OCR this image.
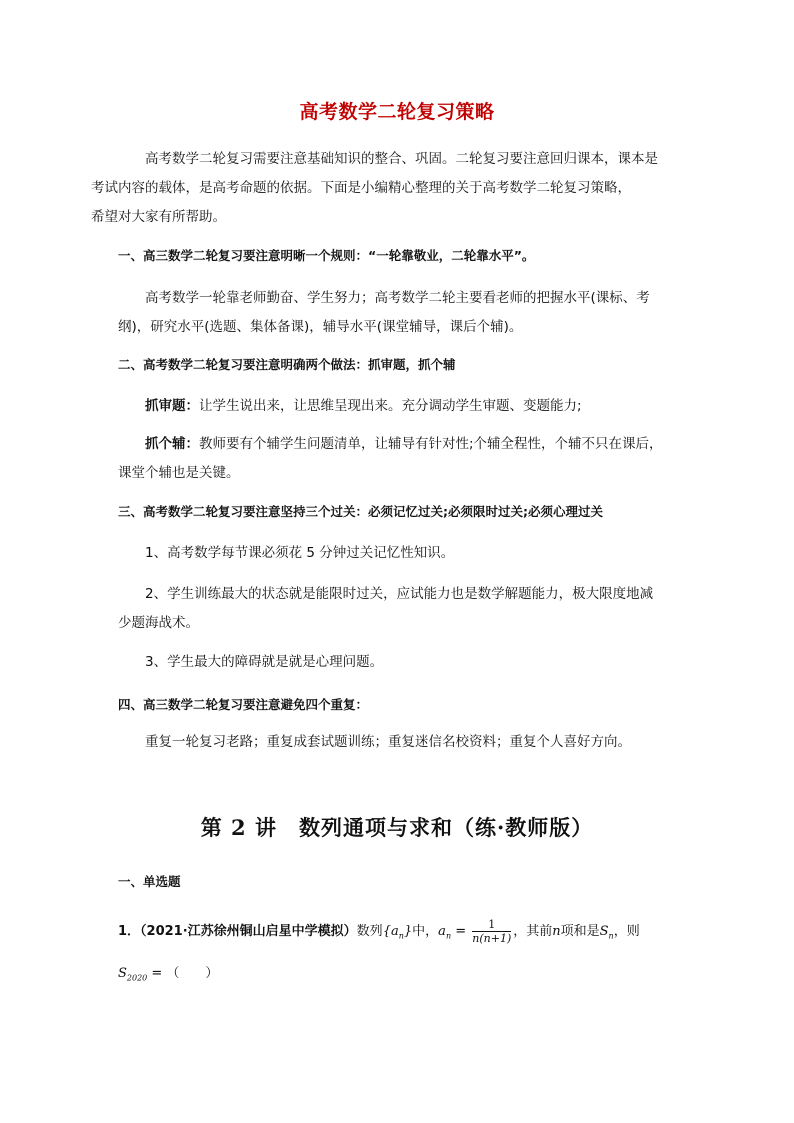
高考数学二轮复习策略
高考数学二轮复习需要注意基础知识的整合、巩固。二轮复习要注意回归课本，课本是
考试内容的载体，是高考命题的依据。下面是小编精心整理的关于高考数学二轮复习策略，
希望对大家有所帮助。
一、高三数学二轮复习要注意明晰一个规则：“一轮靠敬业，二轮靠水平”。
高考数学一轮靠老师勤奋、学生努力；高考数学二轮主要看老师的把握水平(课标、考
纲)，研究水平(选题、集体备课)，辅导水平(课堂辅导，课后个辅)。
二、高考数学二轮复习要注意明确两个做法：抓审题，抓个辅
抓审题：让学生说出来，让思维呈现出来。充分调动学生审题、变题能力;
抓个辅：教师要有个辅学生问题清单，让辅导有针对性;个辅全程性，个辅不只在课后，
课堂个辅也是关键。
三、高考数学二轮复习要注意坚持三个过关：必须记忆过关;必须限时过关;必须心理过关
1、高考数学每节课必须花 5 分钟过关记忆性知识。
2、学生训练最大的状态就是能限时过关，应试能力也是数学解题能力，极大限度地减
少题海战术。
3、学生最大的障碍就是就是心理问题。
四、高三数学二轮复习要注意避免四个重复：
重复一轮复习老路；重复成套试题训练；重复迷信名校资料；重复个人喜好方向。
第 2 讲　数列通项与求和（练·教师版）
一、单选题
1．（2021·江苏徐州铜山启星中学模拟）数列$\{a_n\}$中，$a_n = \frac{1}{n(n+1)}$ ，其前n项和是$S_n$，则
$S_{2020}$ = （　　）
